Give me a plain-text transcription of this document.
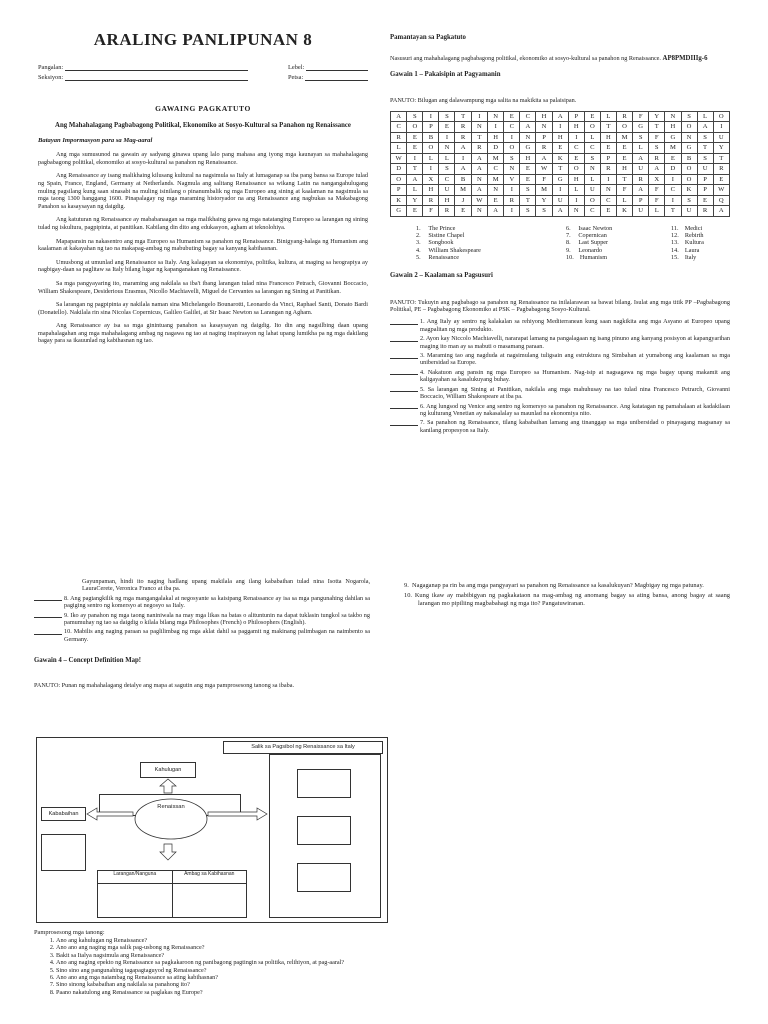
ARALING PANLIPUNAN 8
Pangalan:
Seksiyon:
Lebel:
Petsa:
GAWAING PAGKATUTO
Ang Mahahalagang Pagbabagong Politikal, Ekonomiko at Sosyo-Kultural sa Panahon ng Renaissance
Batayan Impormasyon para sa Mag-aaral
Ang mga sumusunod na gawain ay sadyang ginawa upang lalo pang mahasa ang iyong mga kaunayan sa mahahalagang pagbabagong politikal, ekonomiko at sosyo-kultural sa panahon ng Renaissance.
Ang Renaissance ay isang malikhaing kilusang kultural na nagsimula sa Italy at lumaganap sa iba pang bansa sa Europe tulad ng Spain, France, England, Germany at Netherlands. Nagmula ang salitang Renaissance sa wikang Latin na nangangahulugang muling pagsilang kung saan sinasabi na muling isinilang o pinanumbalik ng mga Europeo ang sining at kaalaman na nagsimula sa mga taong 1300 hanggang 1600. Pinapalagay ng mga maraming historyador na ang Renaissance ang nagbukas sa Makabagong Panahon sa kasaysayan ng daigdig.
Ang katuturan ng Renaissance ay mababanaagan sa mga malikhaing gawa ng mga natatanging Europeo sa larangan ng sining tulad ng iskultura, pagpipinta, at panitikan. Kabilang din dito ang edukasyon, agham at teknolohiya.
Mapapansin na nakasentro ang mga Europeo sa Humanism sa panahon ng Renaissance. Binigyang-halaga ng Humanism ang kaalaman at kakayahan ng tao na makapag-ambag ng mabubuting bagay sa kanyang kabihasnan.
Umusbong at umunlad ang Renaissance sa Italy. Ang kalagayan sa ekonomiya, politika, kultura, at maging sa heograpiya ay nagbigay-daan sa paglitaw sa Italy bilang lugar ng kapanganakan ng Renaissance.
Sa mga pangyayaring ito, maraming ang nakilala sa iba't ibang larangan tulad nina Francesco Petrach, Giovanni Boccacio, William Shakespeare, Desiderious Erasmus, Nicollo Machiavelli, Miguel de Cervantes sa larangan ng Sining at Panitikan.
Sa larangan ng pagpipinta ay nakilala naman sina Michelangelo Bounarotti, Leonardo da Vinci, Raphael Santi, Donato Bardi (Donatello). Nakilala rin sina Nicolas Copernicus, Galileo Galilei, at Sir Isaac Newton sa Larangan ng Agham.
Ang Renaissance ay isa sa mga ginintuang panahon sa kasaysayan ng daigdig. Ito din ang nagsilbing daan upang mapahalagahan ang mga mahahalagang ambag ng nagawa ng tao at naging inspirasyon ng lahat upang lumikha pa ng mga dakilang bagay para sa ikauunlad ng kabihasnan ng tao.
Pamantayan sa Pagkatuto
Nasusuri ang mahahalagang pagbabagong politikal, ekonomiko at sosyo-kultural sa panahon ng Renaissance. AP8PMDIIIg-6
Gawain 1 – Pakaisipin at Pagyamanin
PANUTO: Bilugan ang dalawampung mga salita na makikita sa palaisipan.
A	S	I	S	T	I	N	E	C	H	A	P	E	L	R	F	Y	N	S	L	O
C	O	P	E	R	N	I	C	A	N	I	H	O	T	O	G	T	H	O	A	I
R	E	B	I	R	T	H	I	N	P	H	I	L	H	M	S	F	G	N	S	U
L	E	O	N	A	R	D	O	G	R	E	C	C	E	E	L	S	M	G	T	Y
W	I	L	L	I	A	M	S	H	A	K	E	S	P	E	A	R	E	B	S	T
D	T	I	S	A	A	C	N	E	W	T	O	N	R	H	U	A	D	O	U	R
O	A	X	C	B	N	M	V	E	F	G	H	L	I	T	R	X	I	O	P	E
P	L	H	U	M	A	N	I	S	M	I	L	U	N	F	A	F	C	K	P	W
K	Y	R	H	J	W	E	R	T	Y	U	I	O	C	L	P	F	I	S	E	Q
G	E	F	R	E	N	A	I	S	S	A	N	C	E	K	U	L	T	U	R	A
1.     The Prince	6.     Isaac Newton	11.    Medici
2.     Sistine Chapel	7.     Copernican	12.    Rebirth
3.     Songbook	8.     Last Supper	13.    Kultura
4.     William Shakespeare	9.     Leonardo	14.    Laura
5.     Renaissance	10.    Humanism	15.    Italy
Gawain 2 – Kaalaman sa Pagsusuri
PANUTO: Tukuyin ang pagbabago sa panahon ng Renaissance na inilalarawan sa bawat bilang. Isulat ang mga titik PP –Pagbabagong Politikal, PE – Pagbabagong Ekonomiko at PSK – Pagbabagong Sosyo-Kultural.
1. Ang Italy ay sentro ng kalakalan sa rehiyong Mediterranean kung saan nagkikita ang mga Asyano at Europeo upang magpalitan ng mga produkto.
2. Ayon kay Niccolo Machiavelli, nararapat lamang na pangalagaan ng isang pinuno ang kanyang posisyon at kapangyarihan maging ito man ay sa mabuti o masamang paraan.
3. Maraming tao ang nagduda at nagsimulang tuligsain ang estruktura ng Simbahan at yumabong ang kaalaman sa mga unibersidad sa Europe.
4. Nakatuon ang pansin ng mga Europeo sa Humanism. Nag-isip at nagsagawa ng mga bagay upang makamit ang kaligayahan sa kasalukuyang buhay.
5. Sa larangan ng Sining at Panitikan, nakilala ang mga mahuhusay na tao tulad nina Francesco Petrarch, Giovanni Boccacio, William Shakespeare at iba pa.
6. Ang lungsod ng Venice ang sentro ng komersyo sa panahon ng Renaissance. Ang katatagan ng pamahalaan at kadakilaan ng kulturang Venetian ay nakasalalay sa maunlad na ekonomiya nito.
7. Sa panahon ng Renaissance, tilang kababaihan lamang ang tinanggap sa mga unibersidad o pinayagang magsanay sa kanilang propesyon sa Italy.
Gayunpaman, hindi ito naging hadlang upang makilala ang ilang kababaihan tulad nina Isotta Nogarola, LauraCerete, Veronica Franco at iba pa.
8. Ang pagtangkilik ng mga mangangalakal at negosyante sa kaisipang Renaissance ay isa sa mga pangunahing dahilan sa pagiging sentro ng komersyo at negosyo sa Italy.
9. Iko ay panahon ng mga taong naniniwala na may mga likas na batas o alituntunin na dapat tuklasin tungkol sa takbo ng pamumuhay ng tao sa daigdig o kilala bilang mga Philosophes (French) o Philosophers (English).
10. Mabilis ang naging paraan sa paglilimbag ng mga aklat dahil sa paggamit ng makinang palimbagan na naimbento sa Germany.
Gawain 4 – Concept Definition Map!
PANUTO: Punan ng mahahalagang detalye ang mapa at sagutin ang mga pamprosesong tanong sa ibaba.
Salik sa Pagsibol ng Renaissance sa Italy
Kahulugan
Kababaihan
Larangan/Nanguna	Ambag sa Kabihasnan
Renaissan
Pamprosesong mga tanong:
1. Ano ang kahulugan ng Renaissance?
2. Ano ano ang naging mga salik pag-usbong ng Renaissance?
3. Bakit sa Italya nagsimula ang Renaissance?
4. Ano ang naging epekto ng Renaissance sa pagkakaroon ng panibagong pagtingin sa politika, relihiyon, at pag-aaral?
5. Sino sino ang pangunahing tagapagtaguyod ng Renaissance?
6. Ano ano ang mga naiambag ng Renaissance sa ating kabihasnan?
7. Sino sinong kababaihan ang nakilala sa panahong ito?
8. Paano nakatulong ang Renaissance sa paglakas ng Europe?
9.  Nagaganap pa rin ba ang mga pangyayari sa panahon ng Renaissance sa kasalukuyan? Magbigay ng mga patunay.
10. Kung ikaw ay mabibigyan ng pagkakataon na mag-ambag ng anomang bagay sa ating bansa, anong bagay at saang larangan mo pipiliing magbabahagi ng mga ito? Pangatuwiranan.
